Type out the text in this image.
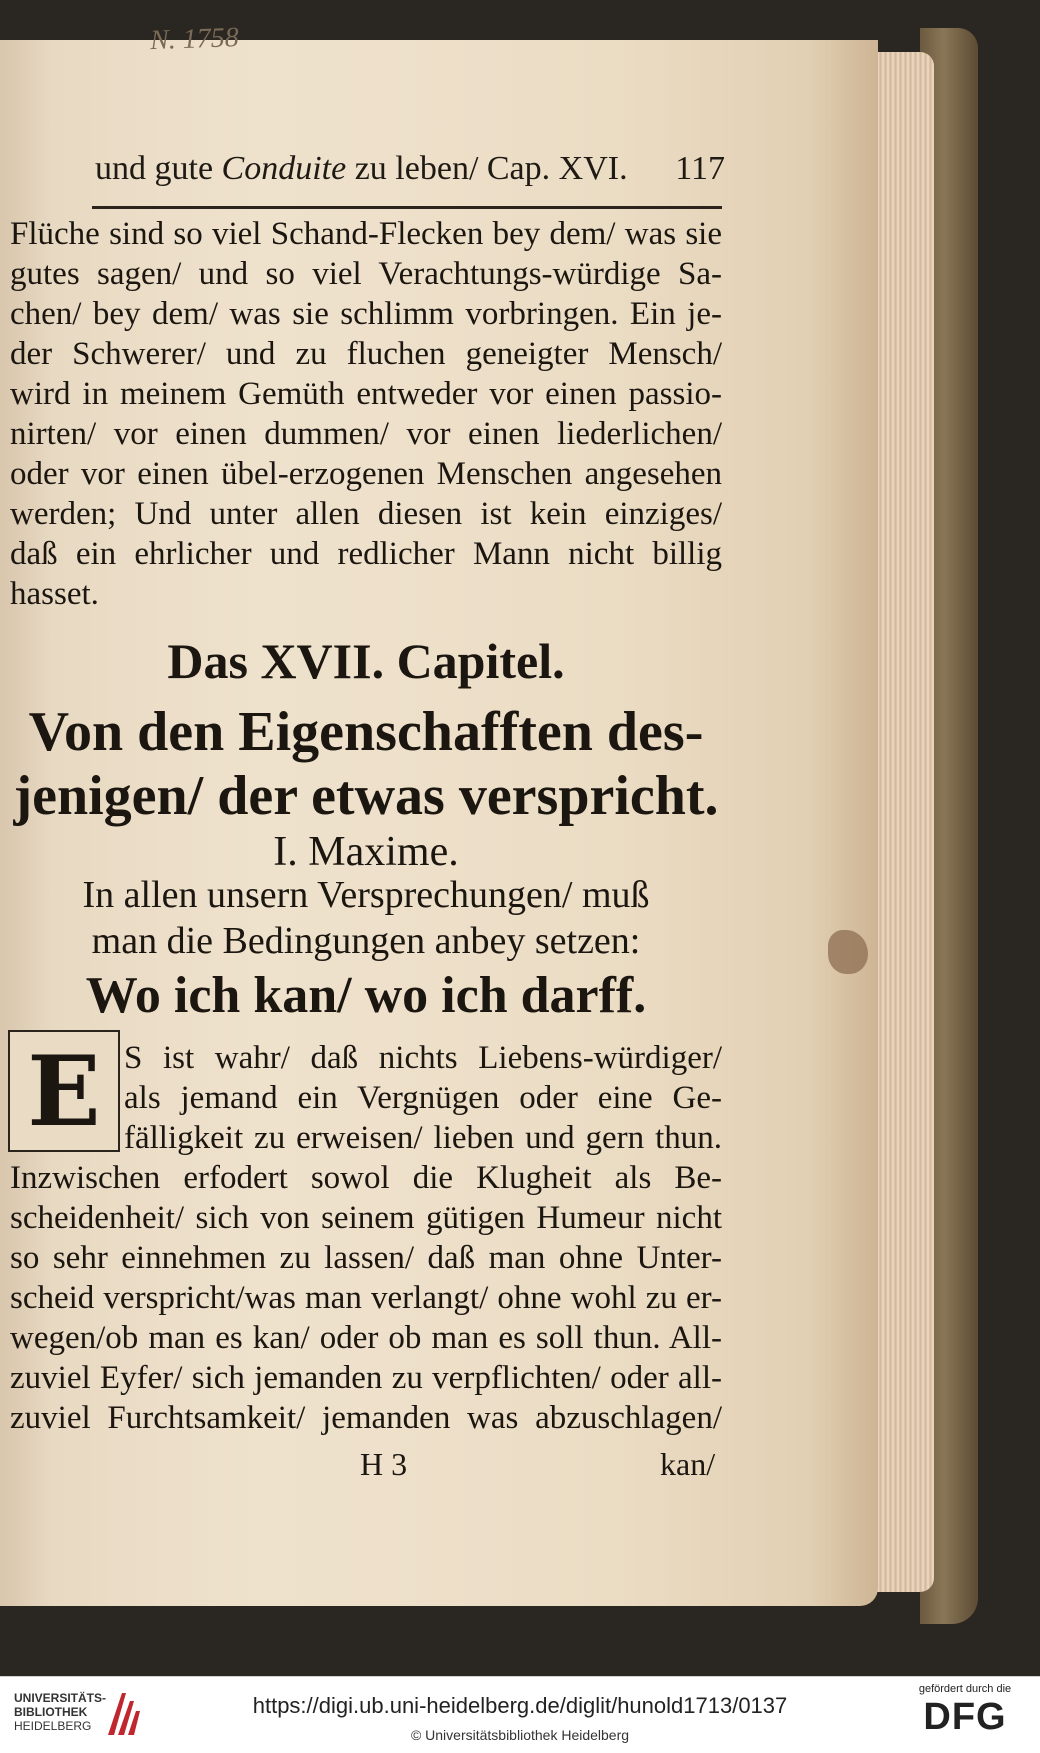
N. 1758
und gute Conduite zu leben/ Cap. XVI. 117

Flüche sind so viel Schand-Flecken bey dem/ was sie

gutes sagen/ und so viel Verachtungs-würdige Sa-

chen/ bey dem/ was sie schlimm vorbringen. Ein je-

der Schwerer/ und zu fluchen geneigter Mensch/

wird in meinem Gemüth entweder vor einen passio-

nirten/ vor einen dummen/ vor einen liederlichen/

oder vor einen übel-erzogenen Menschen angesehen

werden; Und unter allen diesen ist kein einziges/

daß ein ehrlicher und redlicher Mann nicht billig

hasset.

Das XVII. Capitel.
Von den Eigenschafften des-
jenigen/ der etwas verspricht.
I. Maxime.
In allen unsern Versprechungen/ muß
man die Bedingungen anbey setzen:
Wo ich kan/ wo ich darff.
E S ist wahr/ daß nichts Liebens-würdiger/

als jemand ein Vergnügen oder eine Ge-

fälligkeit zu erweisen/ lieben und gern thun.

Inzwischen erfodert sowol die Klugheit als Be-

scheidenheit/ sich von seinem gütigen Humeur nicht

so sehr einnehmen zu lassen/ daß man ohne Unter-

scheid verspricht/was man verlangt/ ohne wohl zu er-

wegen/ob man es kan/ oder ob man es soll thun. All-

zuviel Eyfer/ sich jemanden zu verpflichten/ oder all-

zuviel Furchtsamkeit/ jemanden was abzuschlagen/

H 3	kan/
UNIVERSITÄTS-
BIBLIOTHEK
HEIDELBERG
https://digi.ub.uni-heidelberg.de/diglit/hunold1713/0137
© Universitätsbibliothek Heidelberg
gefördert durch die
DFG
